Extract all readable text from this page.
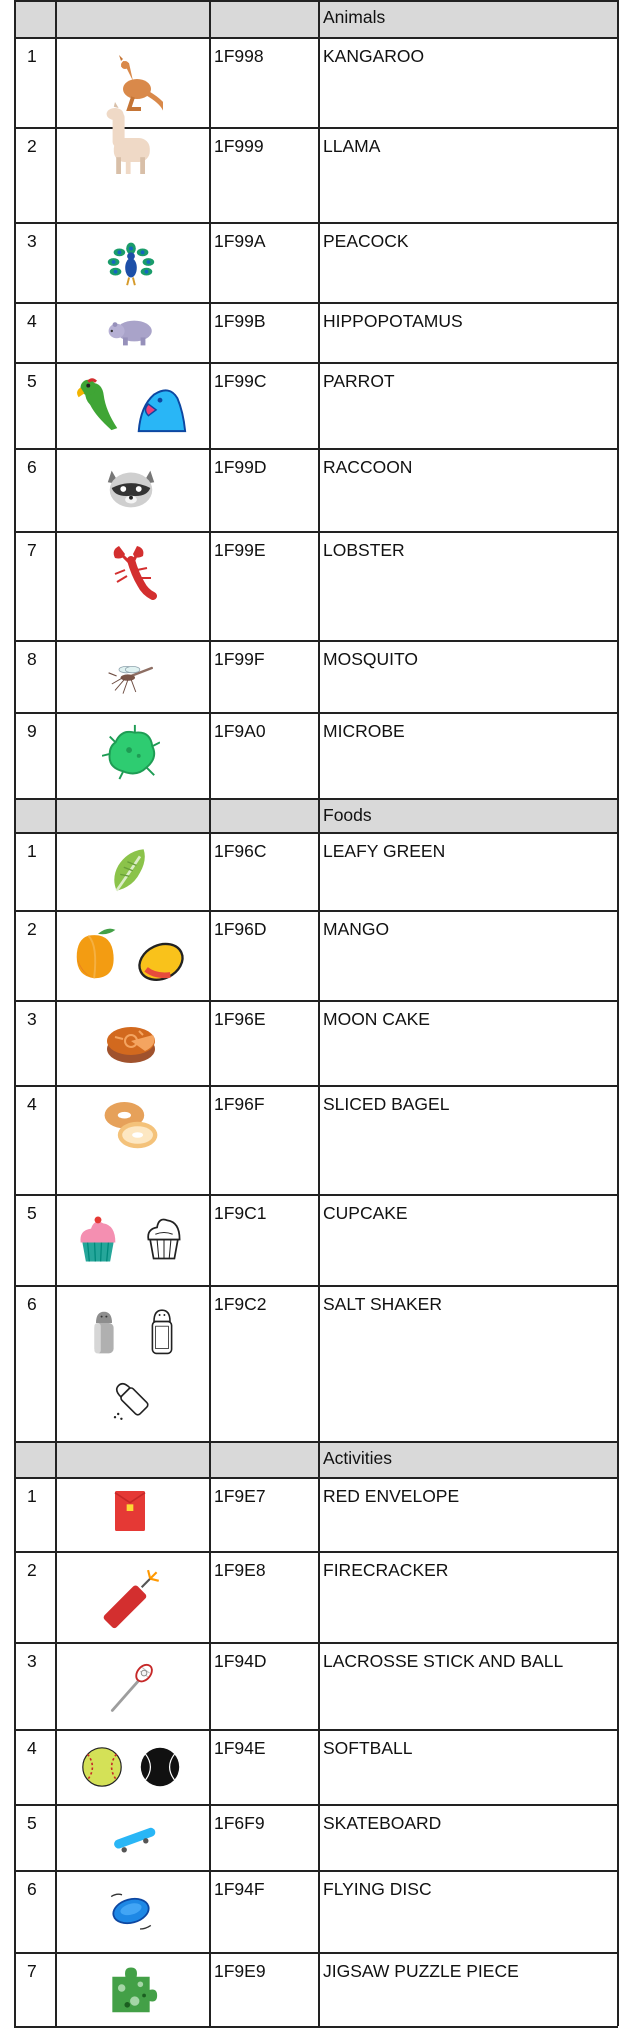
Animals
1	1F998	KANGAROO
2	1F999	LLAMA
3	1F99A	PEACOCK
4	1F99B	HIPPOPOTAMUS
5	1F99C	PARROT
6	1F99D	RACCOON
7	1F99E	LOBSTER
8	1F99F	MOSQUITO
9	1F9A0	MICROBE
Foods
1	1F96C	LEAFY GREEN
2	1F96D	MANGO
3	1F96E	MOON CAKE
4	1F96F	SLICED BAGEL
5	1F9C1	CUPCAKE
6	1F9C2	SALT SHAKER
Activities
1	1F9E7	RED ENVELOPE
2	1F9E8	FIRECRACKER
3	1F94D	LACROSSE STICK AND BALL
4	1F94E	SOFTBALL
5	1F6F9	SKATEBOARD
6	1F94F	FLYING DISC
7	1F9E9	JIGSAW PUZZLE PIECE
